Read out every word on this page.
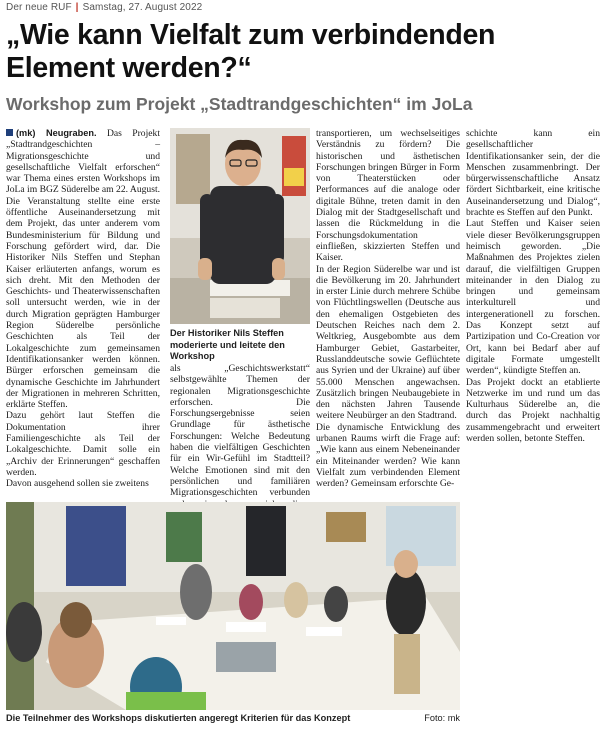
Der neue RUF | Samstag, 27. August 2022
„Wie kann Vielfalt zum verbindenden Element werden?“
Workshop zum Projekt „Stadtrandgeschichten“ im JoLa

(mk) Neugraben. Das Projekt „Stadtrandgeschichten – Migrationsgeschichte und gesellschaftliche Vielfalt erforschen“ war Thema eines ersten Workshops im JoLa im BGZ Süderelbe am 22. August. Die Veranstaltung stellte eine erste öffentliche Auseinandersetzung mit dem Projekt, das unter anderem vom Bundesministerium für Bildung und Forschung gefördert wird, dar. Die Historiker Nils Steffen und Stephan Kaiser erläuterten anfangs, worum es sich dreht. Mit den Methoden der Geschichts- und Theaterwissenschaften soll untersucht werden, wie in der durch Migration geprägten Hamburger Region Süderelbe persönliche Geschichten als Teil der Lokalgeschichte zum gemeinsamen Identifikationsanker werden können. Bürger erforschen gemeinsam die dynamische Geschichte im Jahrhundert der Migrationen in mehreren Schritten, erklärte Steffen.

Dazu gehört laut Steffen die Dokumentation ihrer Familiengeschichte als Teil der Lokalgeschichte. Damit solle ein „Archiv der Erinnerungen“ geschaffen werden.

Davon ausgehend sollen sie zweitens

Der Historiker Nils Steffen moderierte und leitete den Workshop

als „Geschichtswerkstatt“ selbstgewählte Themen der regionalen Migrationsgeschichte erforschen. Die Forschungsergebnisse seien Grundlage für ästhetische Forschungen: Welche Bedeutung haben die vielfältigen Geschichten für ein Wir-Gefühl im Stadtteil? Welche Emotionen sind mit den persönlichen und familiären Migrationsgeschichten verbunden

transportieren, um wechselseitiges Verständnis zu fördern? Die historischen und ästhetischen Forschungen bringen Bürger in Form von Theaterstücken oder Performances auf die analoge oder digitale Bühne, treten damit in den Dialog mit der Stadtgesellschaft und lassen die Rückmeldung in die Forschungsdokumentation einfließen, skizzierten Steffen und Kaiser.

In der Region Süderelbe war und ist die Bevölkerung im 20. Jahrhundert in erster Linie durch mehrere Schübe von Flüchtlingswellen (Deutsche aus den ehemaligen Ostgebieten des Deutschen Reiches nach dem 2. Weltkrieg, Ausgebombte aus dem Hamburger Gebiet, Gastarbeiter, Russlanddeutsche sowie Geflüchtete aus Syrien und der Ukraine) auf über 55.000 Menschen angewachsen. Zusätzlich bringen Neubaugebiete in den nächsten Jahren Tausende weitere Neubürger an den Stadtrand.

Die dynamische Entwicklung des urbanen Raums wirft die Frage auf: „Wie kann aus einem Nebeneinander ein Miteinander werden? Wie kann Vielfalt zum verbindenden Element werden? Gemeinsam erforschte Ge-

schichte kann ein gesellschaftlicher Identifikationsanker sein, der die Menschen zusammenbringt. Der bürgerwissenschaftliche Ansatz fördert Sichtbarkeit, eine kritische Auseinandersetzung und Dialog“, brachte es Steffen auf den Punkt.

Laut Steffen und Kaiser seien viele dieser Bevölkerungsgruppen heimisch geworden. „Die Maßnahmen des Projektes zielen darauf, die vielfältigen Gruppen miteinander in den Dialog zu bringen und gemeinsam interkulturell und intergenerationell zu forschen. Das Konzept setzt auf Partizipation und Co-Creation vor Ort, kann bei Bedarf aber auf digitale Formate umgestellt werden“, kündigte Steffen an.

Das Projekt dockt an etablierte Netzwerke im und rund um das Kulturhaus Süderelbe an, die durch das Projekt nachhaltig zusammengebracht und erweitert werden sollen, betonte Steffen.

Die Teilnehmer des Workshops diskutierten angeregt Kriterien für das Konzept	Foto: mk
